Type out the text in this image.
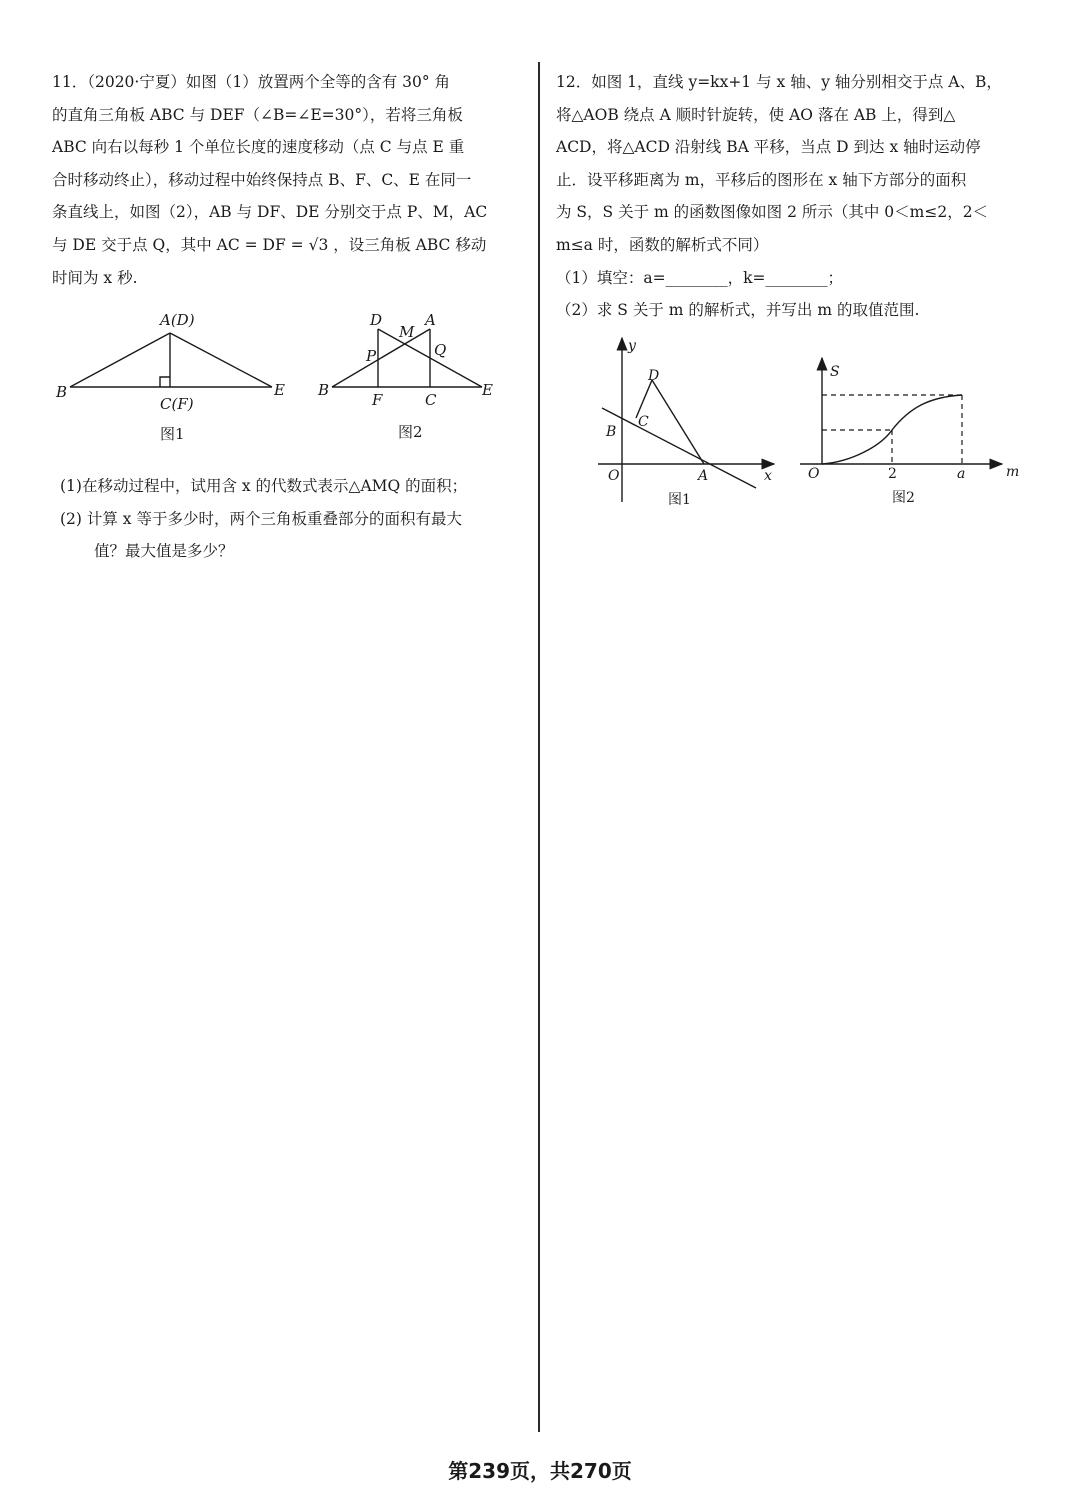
11．（2020·宁夏）如图（1）放置两个全等的含有 30° 角

的直角三角板 ABC 与 DEF（∠B=∠E=30°），若将三角板

ABC 向右以每秒 1 个单位长度的速度移动（点 C 与点 E 重

合时移动终止），移动过程中始终保持点 B、F、C、E 在同一

条直线上，如图（2），AB 与 DF、DE 分别交于点 P、M，AC

与 DE 交于点 Q，其中 AC = DF = √3 ，设三角板 ABC 移动

时间为 x 秒.

A(D)
B	E
C(F)
图1
D
M
A
P	Q
B
F	C
E
图2

(1)在移动过程中，试用含 x 的代数式表示△AMQ 的面积；

(2) 计算 x 等于多少时，两个三角板重叠部分的面积有最大

值？最大值是多少？

12．如图 1，直线 y=kx+1 与 x 轴、y 轴分别相交于点 A、B，

将△AOB 绕点 A 顺时针旋转，使 AO 落在 AB 上，得到△

ACD，将△ACD 沿射线 BA 平移，当点 D 到达 x 轴时运动停

止．设平移距离为 m，平移后的图形在 x 轴下方部分的面积

为 S，S 关于 m 的函数图像如图 2 所示（其中 0＜m≤2，2＜

m≤a 时，函数的解析式不同）

（1）填空：a=________，k=________；

（2）求 S 关于 m 的解析式，并写出 m 的取值范围.

y
x
O	A
B
C
D
图1
S
m
O	2	a
图2
第239页，共270页
